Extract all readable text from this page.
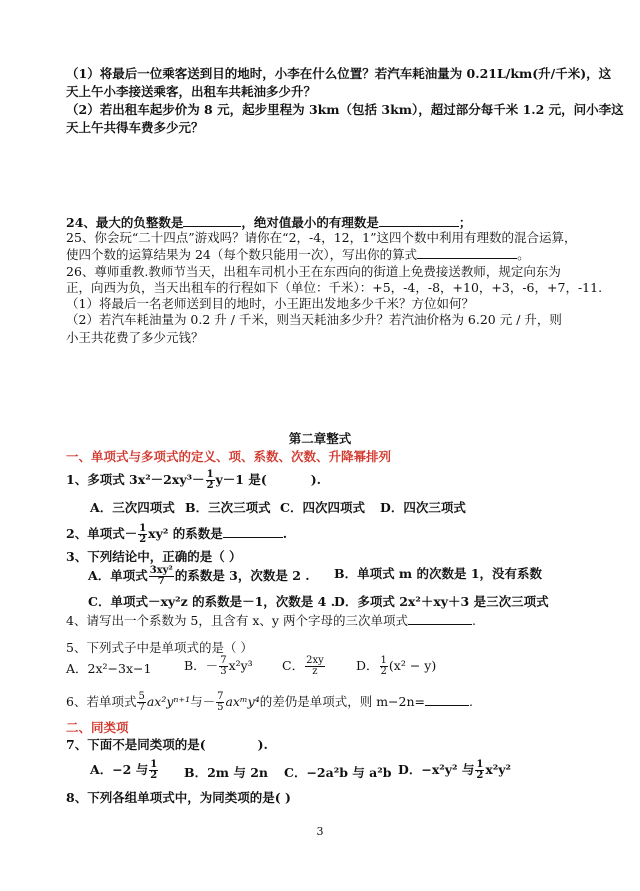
（1）将最后一位乘客送到目的地时，小李在什么位置？若汽车耗油量为 0.21L/km(升/千米)，这
天上午小李接送乘客，出租车共耗油多少升？
（2）若出租车起步价为 8 元，起步里程为 3km（包括 3km），超过部分每千米 1.2 元，问小李这
天上午共得车费多少元？
24、最大的负整数是	，绝对值最小的有理数是	；
25、你会玩“二十四点”游戏吗？请你在“2，-4，12，1”这四个数中利用有理数的混合运算，
使四个数的运算结果为 24（每个数只能用一次），写出你的算式	。
26、尊师重教.教师节当天，出租车司机小王在东西向的街道上免费接送教师，规定向东为
正，向西为负，当天出租车的行程如下（单位：千米）：+5，-4，-8，+10，+3，-6，+7，-11.
（1）将最后一名老师送到目的地时，小王距出发地多少千米？方位如何？
（2）若汽车耗油量为 0.2 升 / 千米，则当天耗油多少升？若汽油价格为 6.20 元 / 升，则
小王共花费了多少元钱？
第二章整式
一、单项式与多项式的定义、项、系数、次数、升降幂排列
1、多项式 $3x^2-2xy^3- \frac{1}{2} y-1$ 是(	).
A．三次四项式 B．三次三项式 C．四次四项式 D．四次三项式
2、单项式－ $\frac{1}{2} xy^2$ 的系数是	.
3、下列结论中，正确的是（ ）
A．单项式 $\frac{\text{3xy²}}{7}$ 的系数是 3，次数是 2 . B．单项式 m 的次数是 1，没有系数
C．单项式－xy²z 的系数是－1，次数是 4 .
D．多项式 2x²＋xy＋3 是三次三项式
4、请写出一个系数为 5，且含有 x、y 两个字母的三次单项式	.
5、下列式子中是单项式的是（ ）
A．2x²−3x−1	B．－ $\frac{7}{3} x^2y^3$ C． $\frac{2xy}{z}$	D． $\frac{1}{2} (x^2 - y)$
6、若单项式 $\frac{5}{7} ax^2y^{n+1}$与－ $\frac{7}{5}$ axᵐy⁴的差仍是单项式，则 m−2n=	.
二、同类项
7、下面不是同类项的是(	).
A．−2 与 $\frac{1}{2}$ B．2m 与 2n C．−2a²b 与 a²b D．−x²y² 与 $\frac{1}{2} x^2y^2$
8、下列各组单项式中，为同类项的是( )
3
